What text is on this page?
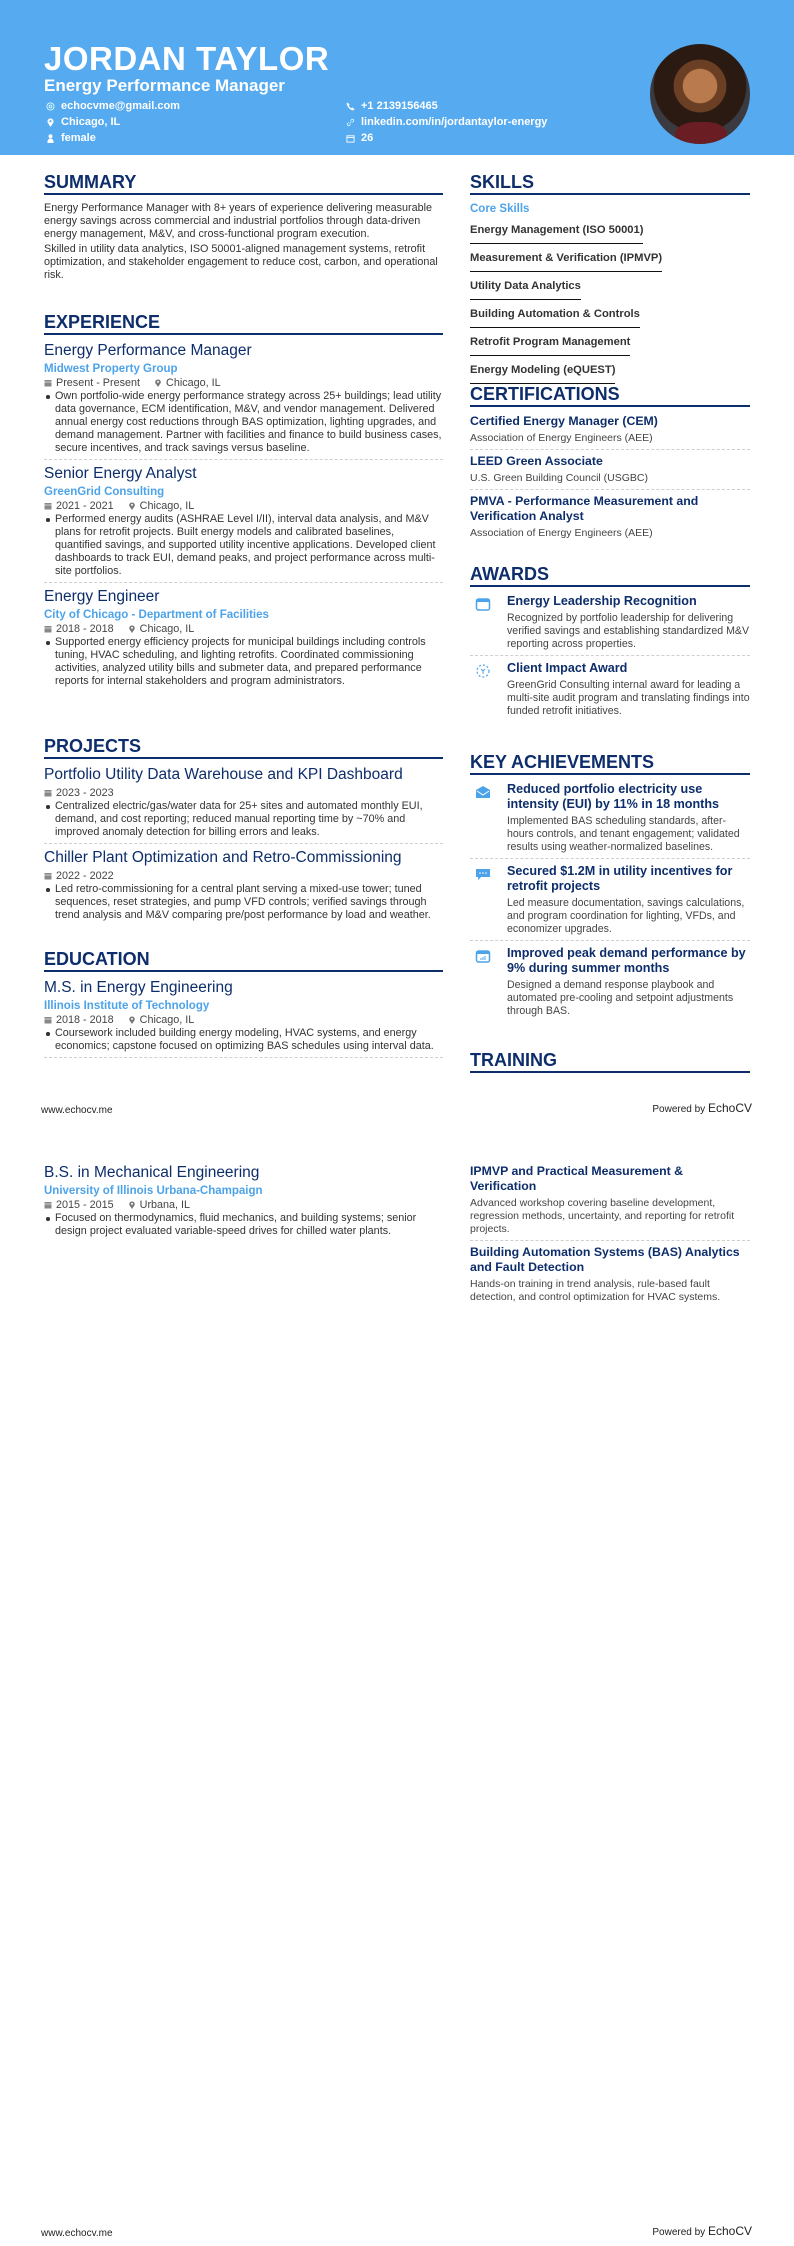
JORDAN TAYLOR
Energy Performance Manager
echocvme@gmail.com
Chicago, IL
female
+1 2139156465
linkedin.com/in/jordantaylor-energy
26
SUMMARY

Energy Performance Manager with 8+ years of experience delivering measurable energy savings across commercial and industrial portfolios through data-driven energy management, M&V, and cross-functional program execution.

Skilled in utility data analytics, ISO 50001-aligned management systems, retrofit optimization, and stakeholder engagement to reduce cost, carbon, and operational risk.

EXPERIENCE
Energy Performance Manager
Midwest Property Group
Present - Present Chicago, IL
Own portfolio-wide energy performance strategy across 25+ buildings; lead utility data governance, ECM identification, M&V, and vendor management. Delivered annual energy cost reductions through BAS optimization, lighting upgrades, and demand management. Partner with facilities and finance to build business cases, secure incentives, and track savings versus baseline.
Senior Energy Analyst
GreenGrid Consulting
2021 - 2021 Chicago, IL
Performed energy audits (ASHRAE Level I/II), interval data analysis, and M&V plans for retrofit projects. Built energy models and calibrated baselines, quantified savings, and supported utility incentive applications. Developed client dashboards to track EUI, demand peaks, and project performance across multi-site portfolios.
Energy Engineer
City of Chicago - Department of Facilities
2018 - 2018 Chicago, IL
Supported energy efficiency projects for municipal buildings including controls tuning, HVAC scheduling, and lighting retrofits. Coordinated commissioning activities, analyzed utility bills and submeter data, and prepared performance reports for internal stakeholders and program administrators.
PROJECTS
Portfolio Utility Data Warehouse and KPI Dashboard
2023 - 2023
Centralized electric/gas/water data for 25+ sites and automated monthly EUI, demand, and cost reporting; reduced manual reporting time by ~70% and improved anomaly detection for billing errors and leaks.
Chiller Plant Optimization and Retro-Commissioning
2022 - 2022
Led retro-commissioning for a central plant serving a mixed-use tower; tuned sequences, reset strategies, and pump VFD controls; verified savings through trend analysis and M&V comparing pre/post performance by load and weather.
EDUCATION
M.S. in Energy Engineering
Illinois Institute of Technology
2018 - 2018 Chicago, IL
Coursework included building energy modeling, HVAC systems, and energy economics; capstone focused on optimizing BAS schedules using interval data.
B.S. in Mechanical Engineering
University of Illinois Urbana-Champaign
2015 - 2015 Urbana, IL
Focused on thermodynamics, fluid mechanics, and building systems; senior design project evaluated variable-speed drives for chilled water plants.
SKILLS
Core Skills
Energy Management (ISO 50001)
Measurement & Verification (IPMVP)
Utility Data Analytics
Building Automation & Controls
Retrofit Program Management
Energy Modeling (eQUEST)
CERTIFICATIONS
Certified Energy Manager (CEM)
Association of Energy Engineers (AEE)
LEED Green Associate
U.S. Green Building Council (USGBC)
PMVA - Performance Measurement and Verification Analyst
Association of Energy Engineers (AEE)
AWARDS
Energy Leadership Recognition
Recognized by portfolio leadership for delivering verified savings and establishing standardized M&V reporting across properties.
Client Impact Award
GreenGrid Consulting internal award for leading a multi-site audit program and translating findings into funded retrofit initiatives.
KEY ACHIEVEMENTS
Reduced portfolio electricity use intensity (EUI) by 11% in 18 months
Implemented BAS scheduling standards, after-hours controls, and tenant engagement; validated results using weather-normalized baselines.
Secured $1.2M in utility incentives for retrofit projects
Led measure documentation, savings calculations, and program coordination for lighting, VFDs, and economizer upgrades.
Improved peak demand performance by 9% during summer months
Designed a demand response playbook and automated pre-cooling and setpoint adjustments through BAS.
TRAINING
IPMVP and Practical Measurement & Verification
Advanced workshop covering baseline development, regression methods, uncertainty, and reporting for retrofit projects.
Building Automation Systems (BAS) Analytics and Fault Detection
Hands-on training in trend analysis, rule-based fault detection, and control optimization for HVAC systems.
www.echocv.me	Powered by EchoCV
www.echocv.me	Powered by EchoCV
